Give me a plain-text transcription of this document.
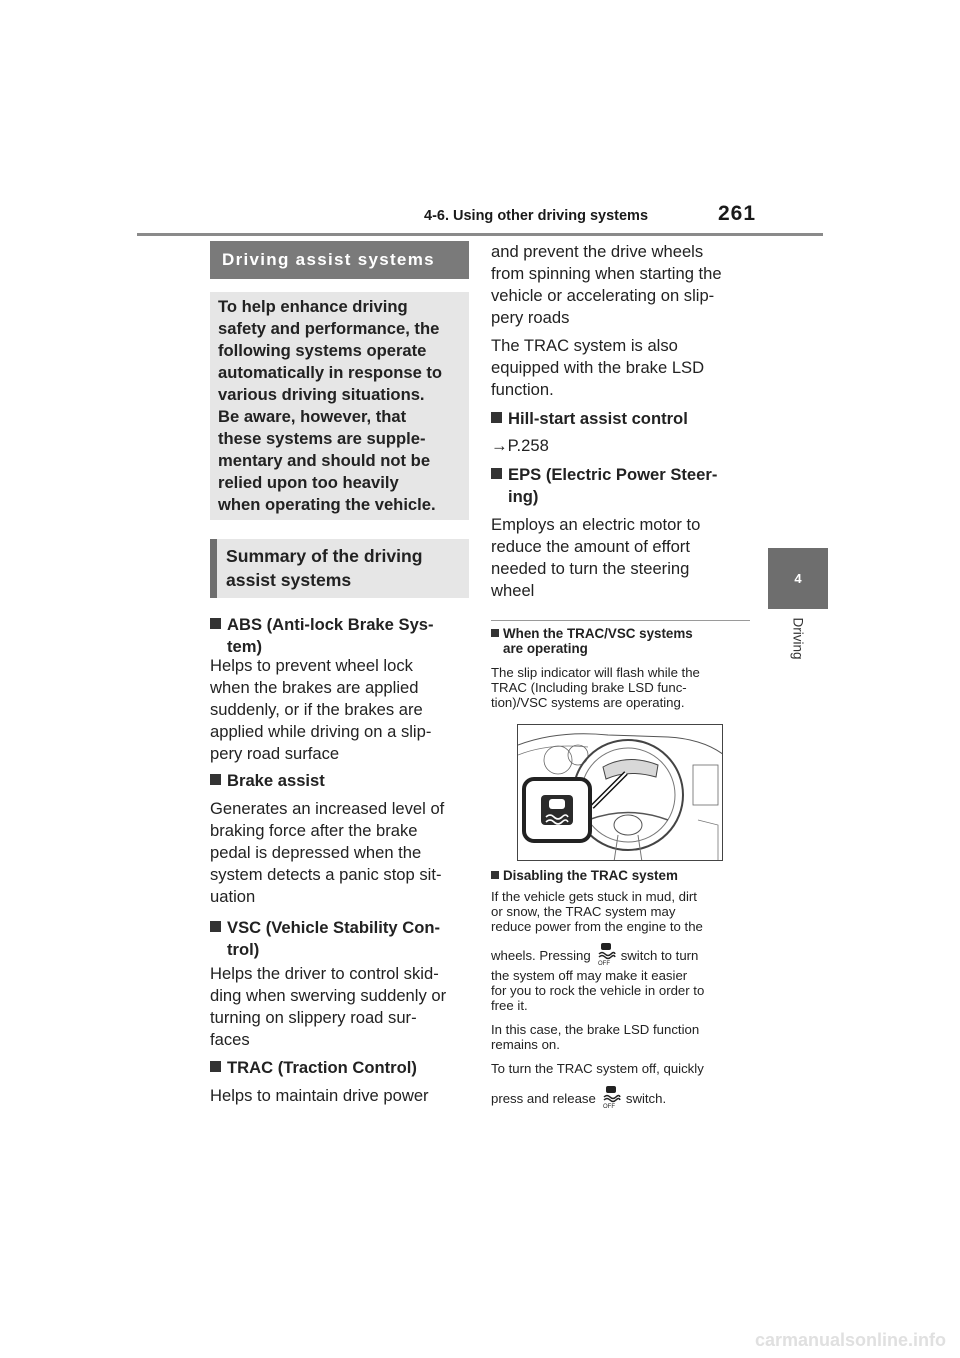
4-6. Using other driving systems	261
4
Driving
Driving assist systems
To help enhance driving
safety and performance, the
following systems operate
automatically in response to
various driving situations.
Be aware, however, that
these systems are supple-
mentary and should not be
relied upon too heavily
when operating the vehicle.
Summary of the driving
assist systems
ABS (Anti-lock Brake Sys-
tem)
Helps to prevent wheel lock
when the brakes are applied
suddenly, or if the brakes are
applied while driving on a slip-
pery road surface
Brake assist
Generates an increased level of
braking force after the brake
pedal is depressed when the
system detects a panic stop sit-
uation
VSC (Vehicle Stability Con-
trol)
Helps the driver to control skid-
ding when swerving suddenly or
turning on slippery road sur-
faces
TRAC (Traction Control)
Helps to maintain drive power
and prevent the drive wheels
from spinning when starting the
vehicle or accelerating on slip-
pery roads
The TRAC system is also
equipped with the brake LSD
function.
Hill-start assist control
→P.258
EPS (Electric Power Steer-
ing)
Employs an electric motor to
reduce the amount of effort
needed to turn the steering
wheel
When the TRAC/VSC systems
are operating
The slip indicator will flash while the
TRAC (Including brake LSD func-
tion)/VSC systems are operating.
Disabling the TRAC system
If the vehicle gets stuck in mud, dirt
or snow, the TRAC system may
reduce power from the engine to the
wheels. Pressing
OFF
switch to turn
the system off may make it easier
for you to rock the vehicle in order to
free it.
In this case, the brake LSD function
remains on.
To turn the TRAC system off, quickly
press and release
OFF
switch.
carmanualsonline.info
